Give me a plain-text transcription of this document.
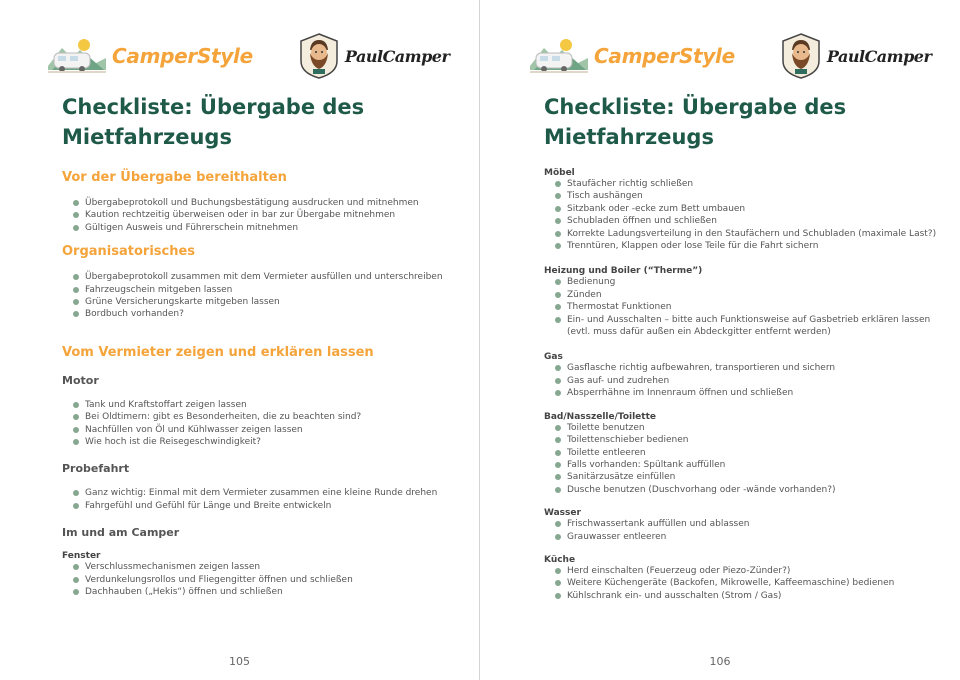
CamperStyle	PaulCamper
Checkliste: Übergabe des
Mietfahrzeugs
Vor der Übergabe bereithalten
Übergabeprotokoll und Buchungsbestätigung ausdrucken und mitnehmen
Kaution rechtzeitig überweisen oder in bar zur Übergabe mitnehmen
Gültigen Ausweis und Führerschein mitnehmen
Organisatorisches
Übergabeprotokoll zusammen mit dem Vermieter ausfüllen und unterschreiben
Fahrzeugschein mitgeben lassen
Grüne Versicherungskarte mitgeben lassen
Bordbuch vorhanden?
Vom Vermieter zeigen und erklären lassen
Motor
Tank und Kraftstoffart zeigen lassen
Bei Oldtimern: gibt es Besonderheiten, die zu beachten sind?
Nachfüllen von Öl und Kühlwasser zeigen lassen
Wie hoch ist die Reisegeschwindigkeit?
Probefahrt
Ganz wichtig: Einmal mit dem Vermieter zusammen eine kleine Runde drehen
Fahrgefühl und Gefühl für Länge und Breite entwickeln
Im und am Camper
Fenster
Verschlussmechanismen zeigen lassen
Verdunkelungsrollos und Fliegengitter öffnen und schließen
Dachhauben („Hekis“) öffnen und schließen
105
CamperStyle	PaulCamper
Checkliste: Übergabe des
Mietfahrzeugs
Möbel
Staufächer richtig schließen
Tisch aushängen
Sitzbank oder -ecke zum Bett umbauen
Schubladen öffnen und schließen
Korrekte Ladungsverteilung in den Staufächern und Schubladen (maximale Last?)
Trenntüren, Klappen oder lose Teile für die Fahrt sichern
Heizung und Boiler (“Therme”)
Bedienung
Zünden
Thermostat Funktionen
Ein- und Ausschalten – bitte auch Funktionsweise auf Gasbetrieb erklären lassen (evtl. muss dafür außen ein Abdeckgitter entfernt werden)
Gas
Gasflasche richtig aufbewahren, transportieren und sichern
Gas auf- und zudrehen
Absperrhähne im Innenraum öffnen und schließen
Bad/Nasszelle/Toilette
Toilette benutzen
Toilettenschieber bedienen
Toilette entleeren
Falls vorhanden: Spültank auffüllen
Sanitärzusätze einfüllen
Dusche benutzen (Duschvorhang oder -wände vorhanden?)
Wasser
Frischwassertank auffüllen und ablassen
Grauwasser entleeren
Küche
Herd einschalten (Feuerzeug oder Piezo-Zünder?)
Weitere Küchengeräte (Backofen, Mikrowelle, Kaffeemaschine) bedienen
Kühlschrank ein- und ausschalten (Strom / Gas)
106
